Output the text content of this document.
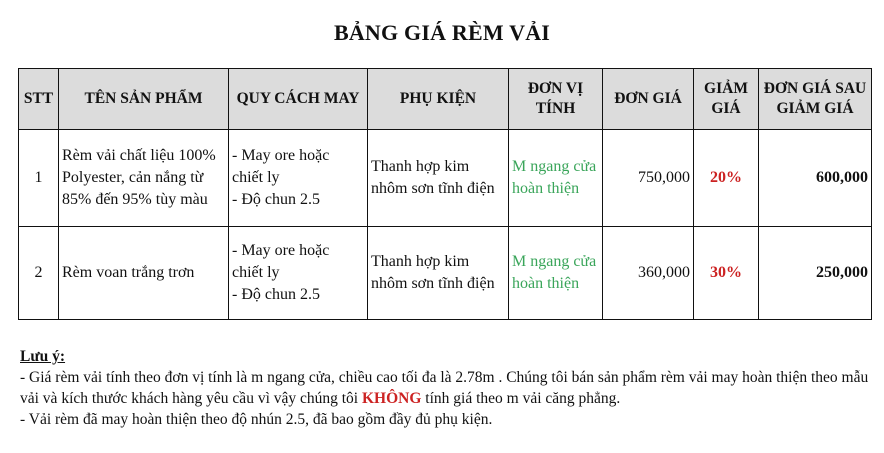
BẢNG GIÁ RÈM VẢI
STT	TÊN SẢN PHẨM	QUY CÁCH MAY	PHỤ KIỆN	ĐƠN VỊ TÍNH	ĐƠN GIÁ	GIẢM GIÁ	ĐƠN GIÁ SAU GIẢM GIÁ
1	Rèm vải chất liệu 100% Polyester, cản nắng từ 85% đến 95% tùy màu	- May ore hoặc chiết ly
- Độ chun 2.5	Thanh hợp kim nhôm sơn tĩnh điện	M ngang cửa hoàn thiện	750,000	20%	600,000
2	Rèm voan trắng trơn	- May ore hoặc chiết ly
- Độ chun 2.5	Thanh hợp kim nhôm sơn tĩnh điện	M ngang cửa hoàn thiện	360,000	30%	250,000
Lưu ý:
- Giá rèm vải tính theo đơn vị tính là m ngang cửa, chiều cao tối đa là 2.78m . Chúng tôi bán sản phẩm rèm vải may hoàn thiện theo mẫu vải và kích thước khách hàng yêu cầu vì vậy chúng tôi KHÔNG tính giá theo m vải căng phẳng.
- Vải rèm đã may hoàn thiện theo độ nhún 2.5, đã bao gồm đầy đủ phụ kiện.
